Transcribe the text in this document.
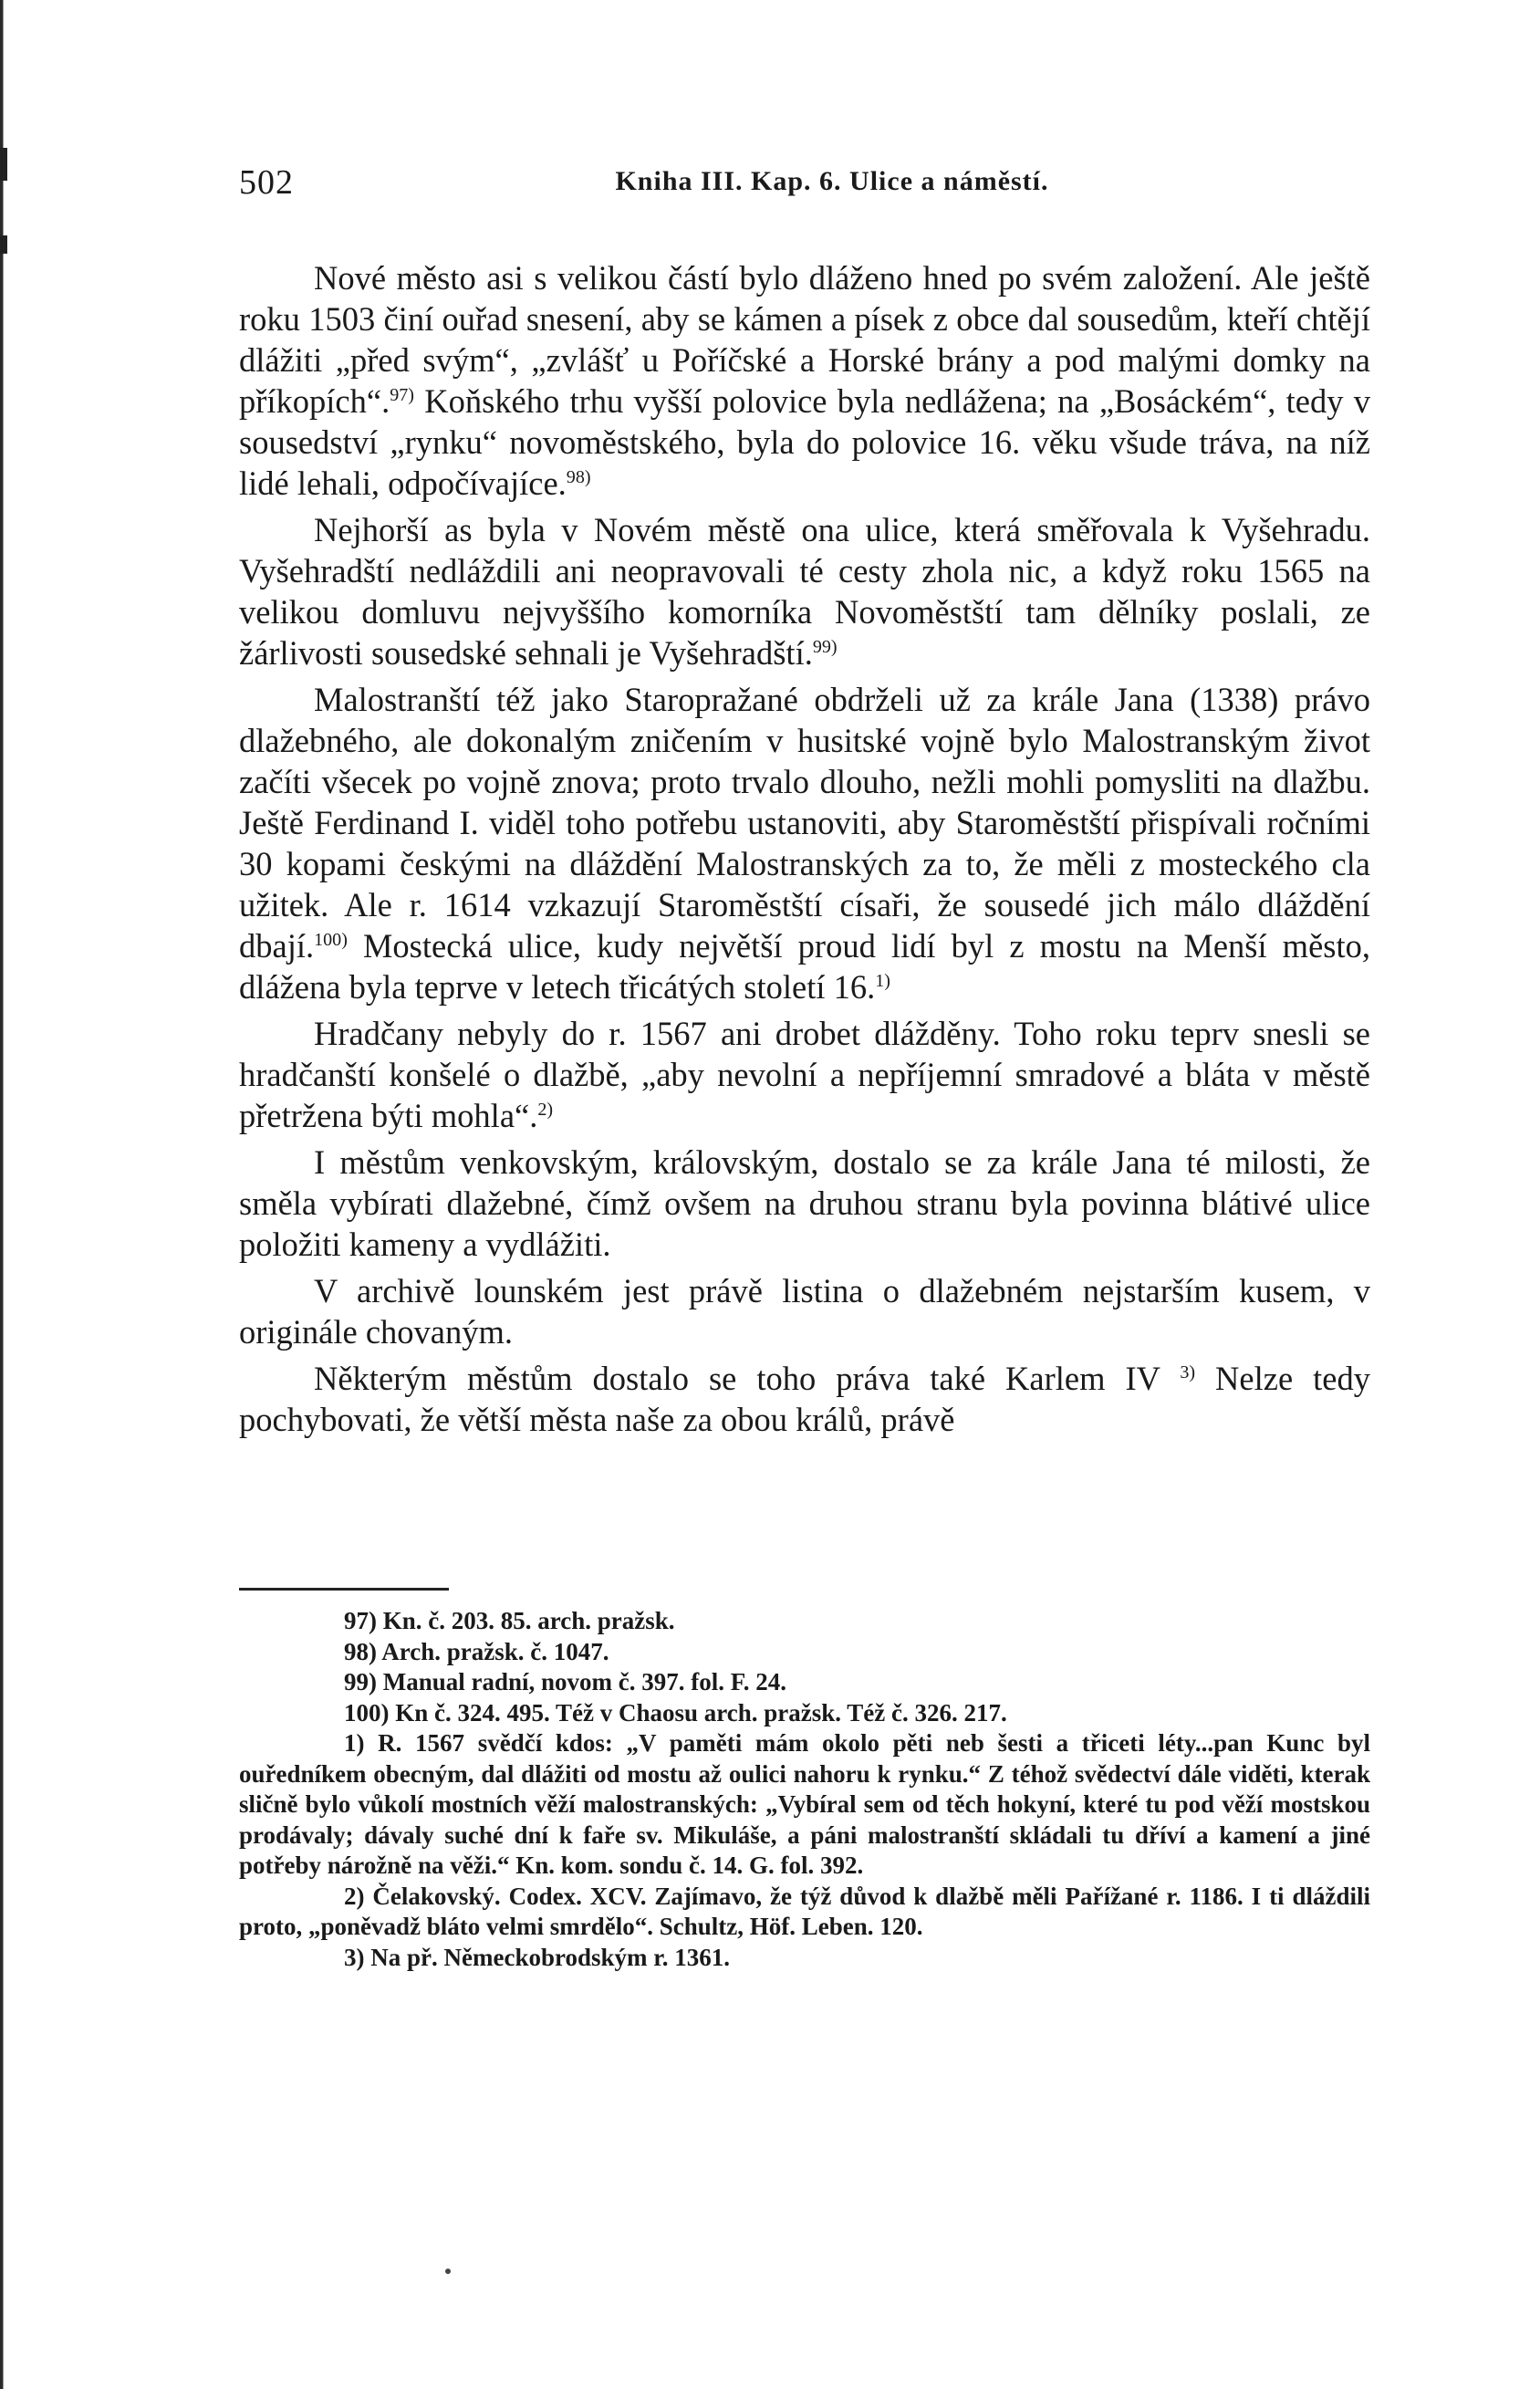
502	Kniha III. Kap. 6. Ulice a náměstí.

Nové město asi s velikou částí bylo dláženo hned po svém založení. Ale ještě roku 1503 činí ouřad snesení, aby se kámen a písek z obce dal sousedům, kteří chtějí dlážiti „před svým“, „zvlášť u Poříčské a Horské brány a pod malými domky na příkopích“.$^{97)}$ Koňského trhu vyšší polovice byla nedlážena; na „Bosáckém“, tedy v sousedství „rynku“ novoměstského, byla do polovice 16. věku všude tráva, na níž lidé lehali, odpočívajíce.$^{98)}$

Nejhorší as byla v Novém městě ona ulice, která směřovala k Vyšehradu. Vyšehradští nedláždili ani neopravovali té cesty zhola nic, a když roku 1565 na velikou domluvu nejvyššího komorníka Novoměstští tam dělníky poslali, ze žárlivosti sousedské sehnali je Vyšehradští.$^{99)}$

Malostranští též jako Staropražané obdrželi už za krále Jana (1338) právo dlažebného, ale dokonalým zničením v husitské vojně bylo Malostranským život začíti všecek po vojně znova; proto trvalo dlouho, nežli mohli pomysliti na dlažbu. Ještě Ferdinand I. viděl toho potřebu ustanoviti, aby Staroměstští přispívali ročními 30 kopami českými na dláždění Malostranských za to, že měli z mosteckého cla užitek. Ale r. 1614 vzkazují Staroměstští císaři, že sousedé jich málo dláždění dbají.$^{100)}$ Mostecká ulice, kudy největší proud lidí byl z mostu na Menší město, dlážena byla teprve v letech třicátých století 16.$^{1)}$

Hradčany nebyly do r. 1567 ani drobet dlážděny. Toho roku teprv snesli se hradčanští konšelé o dlažbě, „aby nevolní a nepříjemní smradové a bláta v městě přetržena býti mohla“.$^{2)}$

I městům venkovským, královským, dostalo se za krále Jana té milosti, že směla vybírati dlažebné, čímž ovšem na druhou stranu byla povinna blátivé ulice položiti kameny a vydlážiti.

V archivě lounském jest právě listina o dlažebném nejstarším kusem, v originále chovaným.

Některým městům dostalo se toho práva také Karlem IV $^{3)}$ Nelze tedy pochybovati, že větší města naše za obou králů, právě

97) Kn. č. 203. 85. arch. pražsk.

98) Arch. pražsk. č. 1047.

99) Manual radní, novom č. 397. fol. F. 24.

100) Kn č. 324. 495. Též v Chaosu arch. pražsk. Též č. 326. 217.

1) R. 1567 svědčí kdos: „V paměti mám okolo pěti neb šesti a třiceti léty...pan Kunc byl ouředníkem obecným, dal dlážiti od mostu až oulici nahoru k rynku.“ Z téhož svědectví dále viděti, kterak sličně bylo vůkolí mostních věží malostranských: „Vybíral sem od těch hokyní, které tu pod věží mostskou prodávaly; dávaly suché dní k faře sv. Mikuláše, a páni malostranští skládali tu dříví a kamení a jiné potřeby nárožně na věži.“ Kn. kom. sondu č. 14. G. fol. 392.

2) Čelakovský. Codex. XCV. Zajímavo, že týž důvod k dlažbě měli Pařížané r. 1186. I ti dláždili proto, „poněvadž bláto velmi smrdělo“. Schultz, Höf. Leben. 120.

3) Na př. Německobrodským r. 1361.
